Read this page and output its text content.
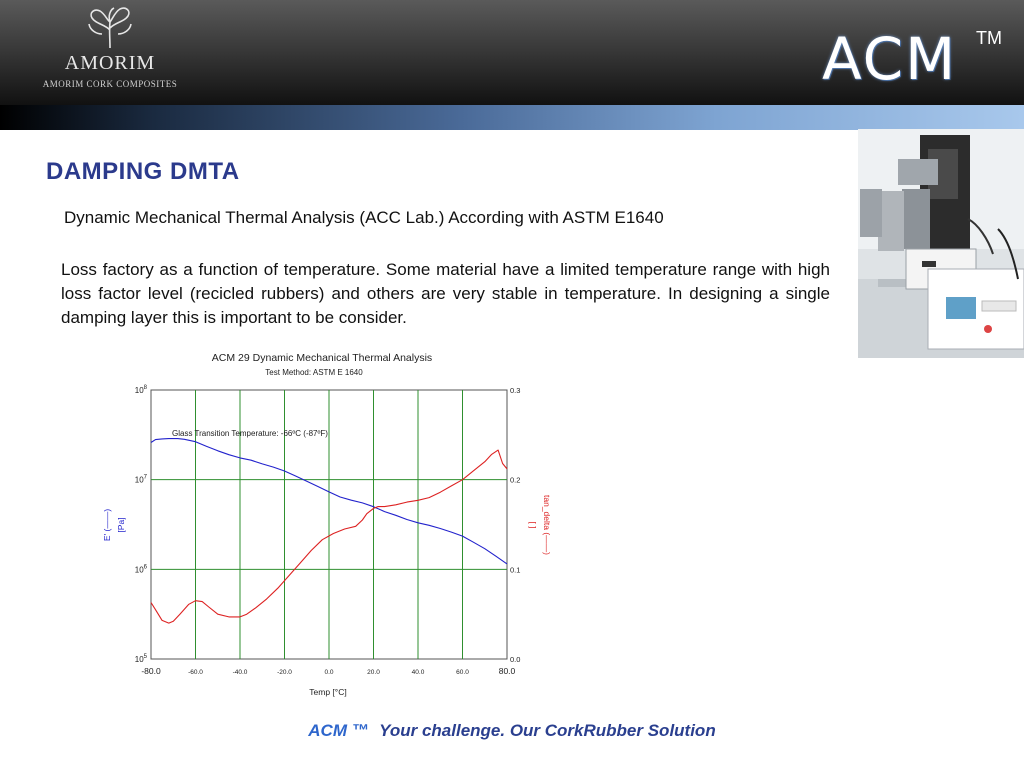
AMORIM
AMORIM CORK COMPOSITES	ACM TM
DAMPING DMTA
Dynamic Mechanical Thermal Analysis (ACC Lab.) According with ASTM E1640
Loss factory as a function of temperature. Some material have a limited temperature range with high loss factor level (recicled rubbers) and others are very stable in temperature. In designing a single damping layer this is important to be consider.
ACM 29 Dynamic Mechanical Thermal Analysis
Test Method: ASTM E 1640
Glass Transition Temperature: -66ºC (-87ºF)
-80.0	-60.0	-40.0	-20.0	0.0	20.0	40.0	60.0	80.0
$10^5$
$10^6$
$10^7$
$10^8$
0.0
0.1
0.2
0.3
Temp [°C]
E' (——) [Pa]	tan_delta (——)
[ ]
ACM ™ Your challenge. Our CorkRubber Solution
